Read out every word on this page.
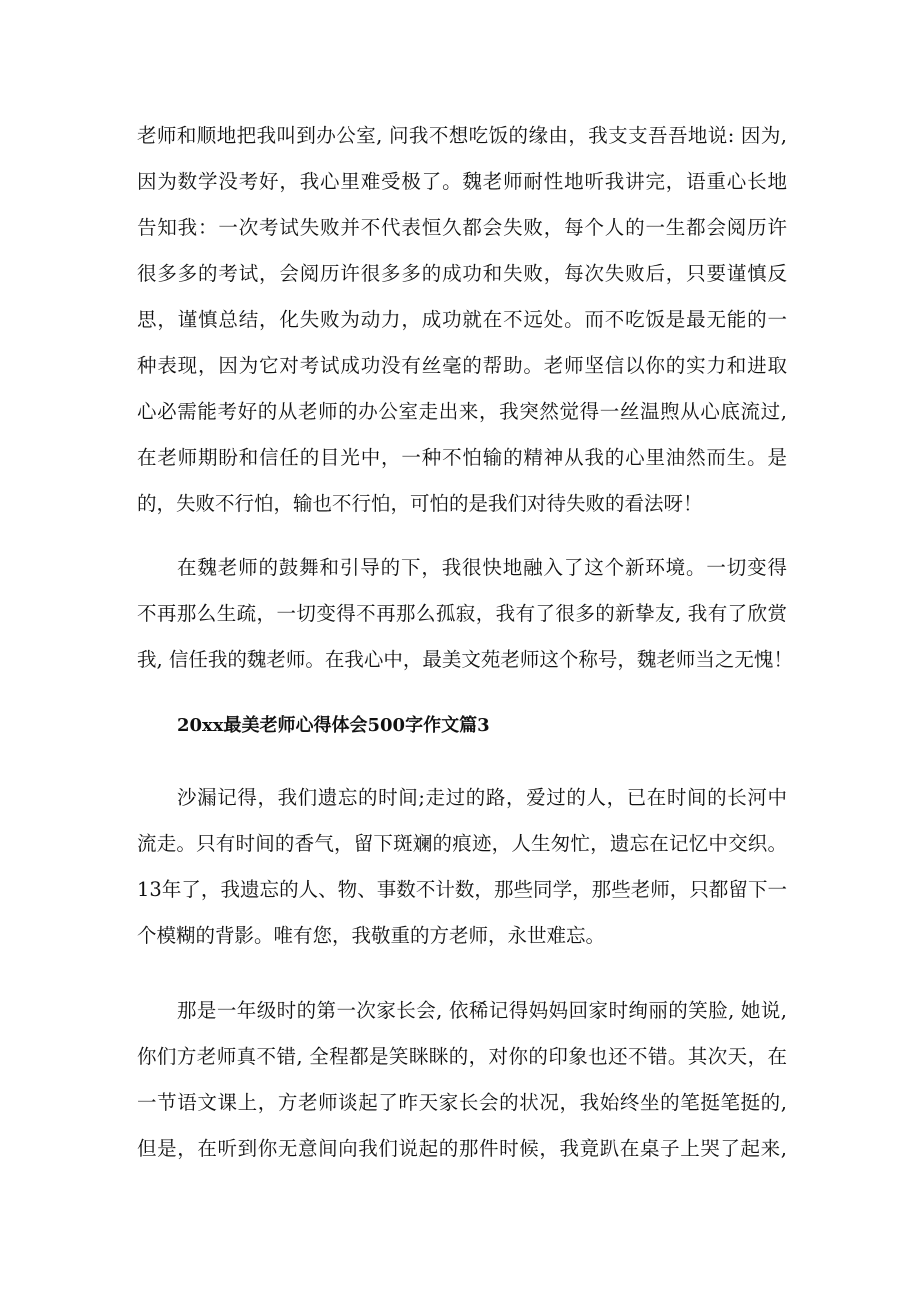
老师和顺地把我叫到办公室, 问我不想吃饭的缘由，我支支吾吾地说: 因为,
因为数学没考好，我心里难受极了。魏老师耐性地听我讲完，语重心长地
告知我：一次考试失败并不代表恒久都会失败，每个人的一生都会阅历许
很多多的考试，会阅历许很多多的成功和失败，每次失败后，只要谨慎反
思，谨慎总结，化失败为动力，成功就在不远处。而不吃饭是最无能的一
种表现，因为它对考试成功没有丝毫的帮助。老师坚信以你的实力和进取
心必需能考好的从老师的办公室走出来，我突然觉得一丝温煦从心底流过,
在老师期盼和信任的目光中，一种不怕输的精神从我的心里油然而生。是
的，失败不行怕，输也不行怕，可怕的是我们对待失败的看法呀！
在魏老师的鼓舞和引导的下，我很快地融入了这个新环境。一切变得
不再那么生疏，一切变得不再那么孤寂，我有了很多的新挚友, 我有了欣赏
我, 信任我的魏老师。在我心中，最美文苑老师这个称号，魏老师当之无愧！
20xx最美老师心得体会500字作文篇3
沙漏记得，我们遗忘的时间;走过的路，爱过的人，已在时间的长河中
流走。只有时间的香气，留下斑斓的痕迹，人生匆忙，遗忘在记忆中交织。
13年了，我遗忘的人、物、事数不计数，那些同学，那些老师，只都留下一
个模糊的背影。唯有您，我敬重的方老师，永世难忘。
那是一年级时的第一次家长会, 依稀记得妈妈回家时绚丽的笑脸, 她说,
你们方老师真不错, 全程都是笑眯眯的，对你的印象也还不错。其次天，在
一节语文课上，方老师谈起了昨天家长会的状况，我始终坐的笔挺笔挺的,
但是，在听到你无意间向我们说起的那件时候，我竟趴在桌子上哭了起来,
